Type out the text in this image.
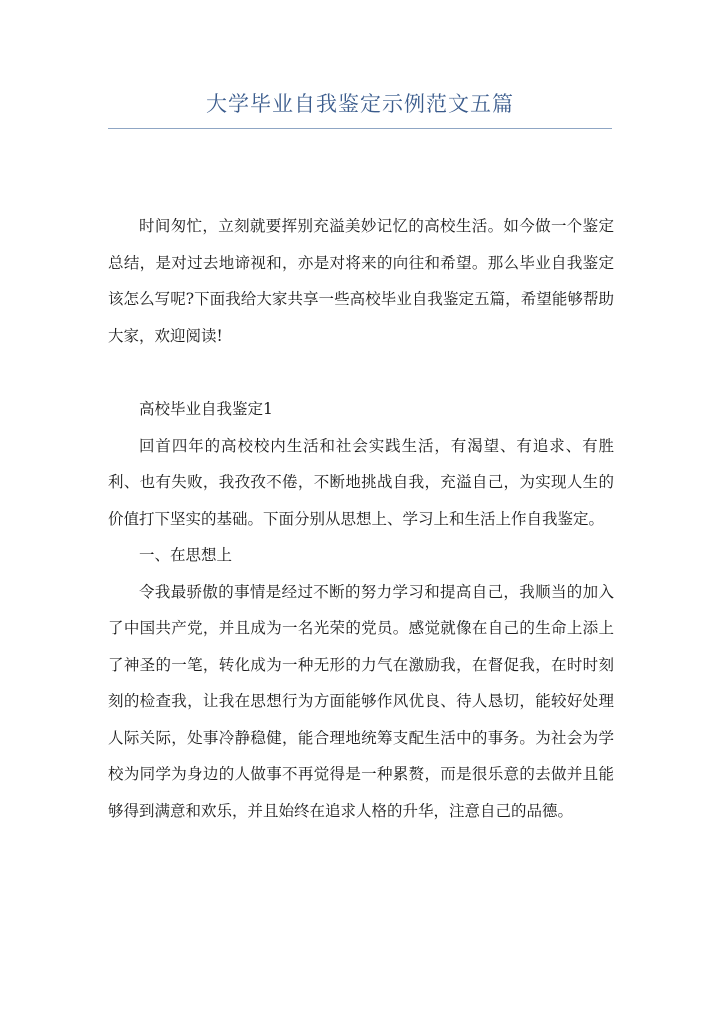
大学毕业自我鉴定示例范文五篇

时间匆忙，立刻就要挥别充溢美妙记忆的高校生活。如今做一个鉴定总结，是对过去地谛视和，亦是对将来的向往和希望。那么毕业自我鉴定该怎么写呢?下面我给大家共享一些高校毕业自我鉴定五篇，希望能够帮助大家，欢迎阅读!

高校毕业自我鉴定1

回首四年的高校校内生活和社会实践生活，有渴望、有追求、有胜利、也有失败，我孜孜不倦，不断地挑战自我，充溢自己，为实现人生的价值打下坚实的基础。下面分别从思想上、学习上和生活上作自我鉴定。

一、在思想上

令我最骄傲的事情是经过不断的努力学习和提高自己，我顺当的加入了中国共产党，并且成为一名光荣的党员。感觉就像在自己的生命上添上了神圣的一笔，转化成为一种无形的力气在激励我，在督促我，在时时刻刻的检查我，让我在思想行为方面能够作风优良、待人恳切，能较好处理人际关际，处事冷静稳健，能合理地统筹支配生活中的事务。为社会为学校为同学为身边的人做事不再觉得是一种累赘，而是很乐意的去做并且能够得到满意和欢乐，并且始终在追求人格的升华，注意自己的品德。
